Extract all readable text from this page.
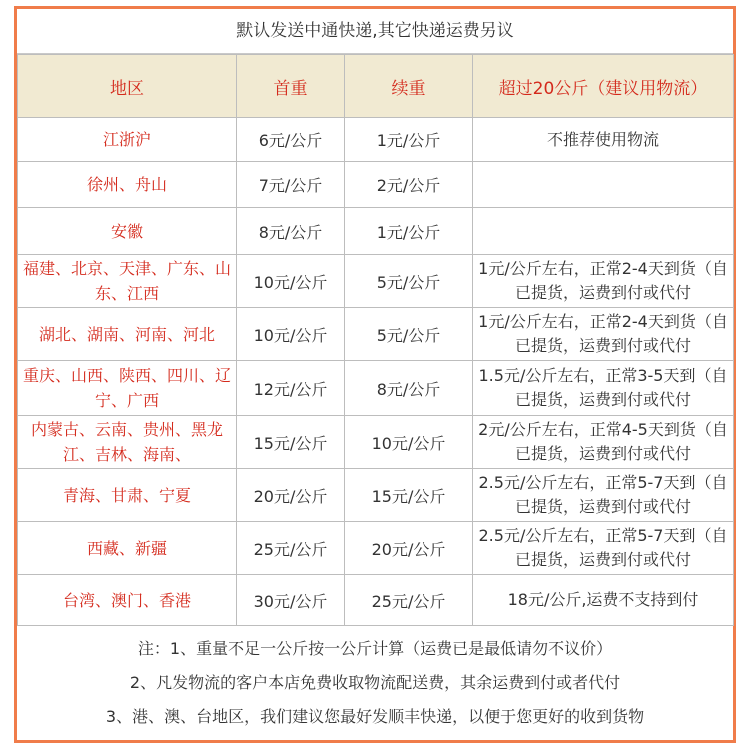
默认发送中通快递,其它快递运费另议
地区	首重	续重	超过20公斤（建议用物流）
江浙沪	6元/公斤	1元/公斤	不推荐使用物流
徐州、舟山	7元/公斤	2元/公斤	
安徽	8元/公斤	1元/公斤	
福建、北京、天津、广东、山东、江西	10元/公斤	5元/公斤	1元/公斤左右，正常2-4天到货（自已提货，运费到付或代付
湖北、湖南、河南、河北	10元/公斤	5元/公斤	1元/公斤左右，正常2-4天到货（自已提货，运费到付或代付
重庆、山西、陕西、四川、辽宁、广西	12元/公斤	8元/公斤	1.5元/公斤左右，正常3-5天到（自已提货，运费到付或代付
内蒙古、云南、贵州、黑龙江、吉林、海南、	15元/公斤	10元/公斤	2元/公斤左右，正常4-5天到货（自已提货，运费到付或代付
青海、甘肃、宁夏	20元/公斤	15元/公斤	2.5元/公斤左右，正常5-7天到（自已提货，运费到付或代付
西藏、新疆	25元/公斤	20元/公斤	2.5元/公斤左右，正常5-7天到（自已提货，运费到付或代付
台湾、澳门、香港	30元/公斤	25元/公斤	18元/公斤,运费不支持到付
注：1、重量不足一公斤按一公斤计算（运费已是最低请勿不议价）
2、凡发物流的客户本店免费收取物流配送费，其余运费到付或者代付
3、港、澳、台地区，我们建议您最好发顺丰快递，以便于您更好的收到货物
